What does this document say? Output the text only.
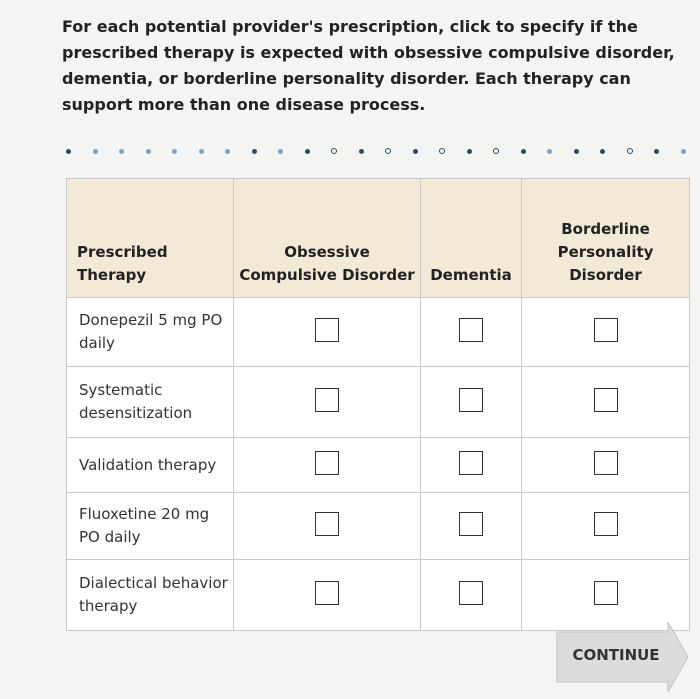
For each potential provider's prescription, click to specify if the prescribed therapy is expected with obsessive compulsive disorder, dementia, or borderline personality disorder. Each therapy can support more than one disease process.
Prescribed Therapy	Obsessive Compulsive Disorder	Dementia	Borderline Personality Disorder
Donepezil 5 mg PO daily			
Systematic desensitization			
Validation therapy			
Fluoxetine 20 mg PO daily			
Dialectical behavior therapy			
CONTINUE
